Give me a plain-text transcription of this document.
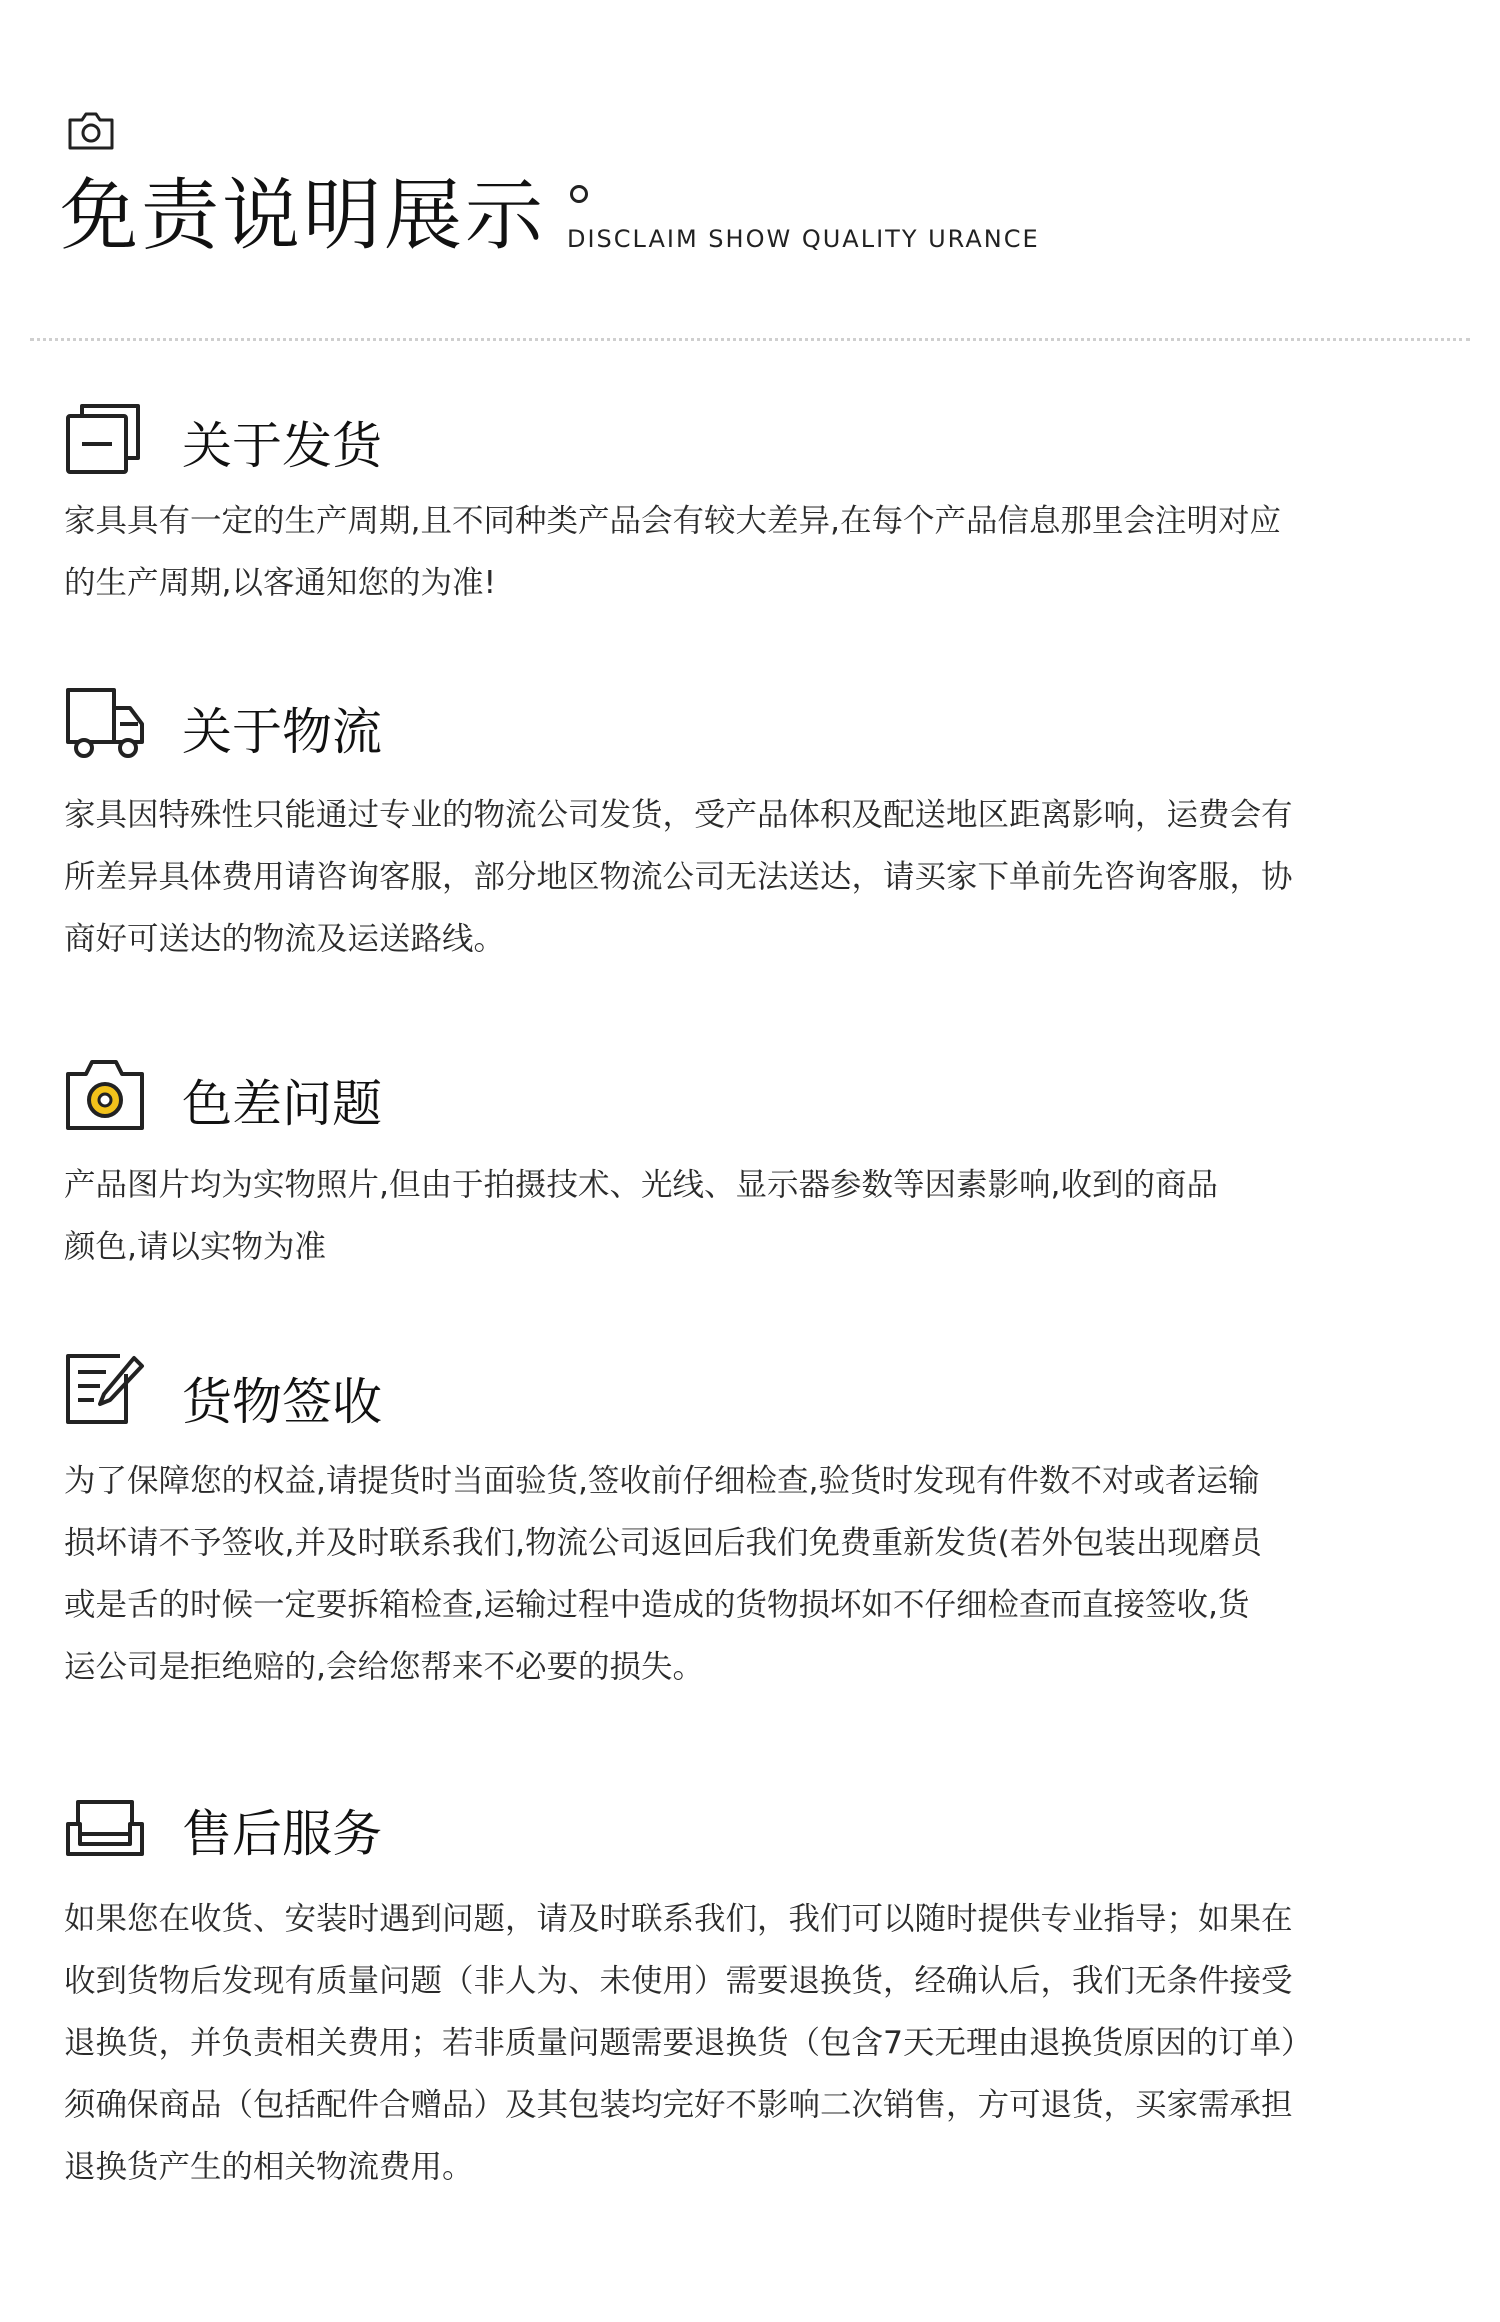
免责说明展示 DISCLAIM SHOW QUALITY URANCE
关于发货
家具具有一定的生产周期,且不同种类产品会有较大差异,在每个产品信息那里会注明对应
的生产周期,以客通知您的为准!
关于物流
家具因特殊性只能通过专业的物流公司发货，受产品体积及配送地区距离影响，运费会有
所差异具体费用请咨询客服，部分地区物流公司无法送达，请买家下单前先咨询客服，协
商好可送达的物流及运送路线。
色差问题
产品图片均为实物照片,但由于拍摄技术、光线、显示器参数等因素影响,收到的商品
颜色,请以实物为准
货物签收
为了保障您的权益,请提货时当面验货,签收前仔细检查,验货时发现有件数不对或者运输
损坏请不予签收,并及时联系我们,物流公司返回后我们免费重新发货(若外包装出现磨员
或是舌的时候一定要拆箱检查,运输过程中造成的货物损坏如不仔细检查而直接签收,货
运公司是拒绝赔的,会给您帮来不必要的损失。
售后服务
如果您在收货、安装时遇到问题，请及时联系我们，我们可以随时提供专业指导；如果在
收到货物后发现有质量问题（非人为、未使用）需要退换货，经确认后，我们无条件接受
退换货，并负责相关费用；若非质量问题需要退换货（包含7天无理由退换货原因的订单）
须确保商品（包括配件合赠品）及其包装均完好不影响二次销售，方可退货，买家需承担
退换货产生的相关物流费用。
